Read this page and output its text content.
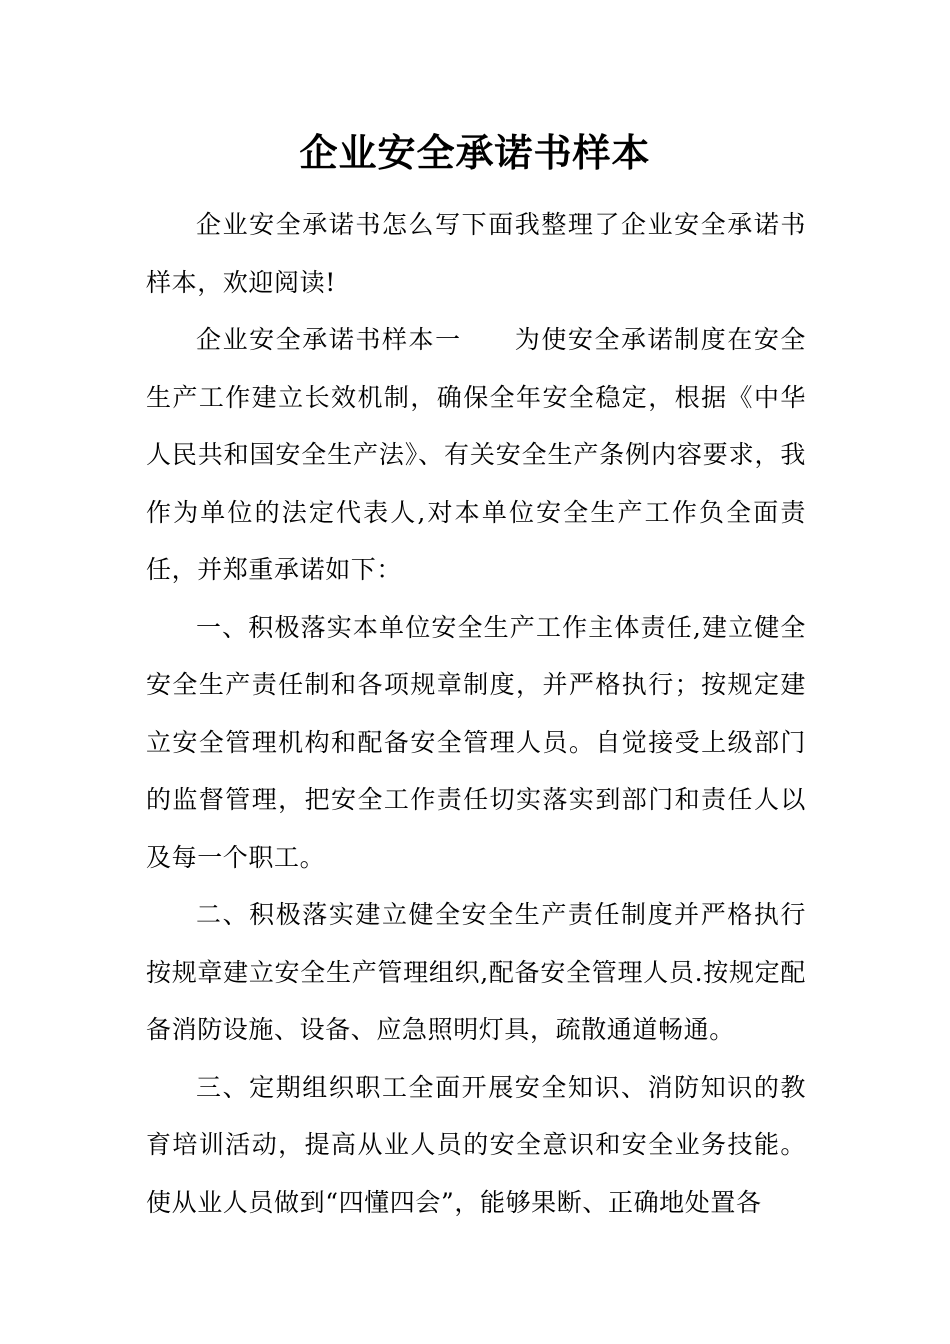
企业安全承诺书样本

企业安全承诺书怎么写下面我整理了企业安全承诺书样本，欢迎阅读!

企业安全承诺书样本一　　为使安全承诺制度在安全生产工作建立长效机制，确保全年安全稳定，根据《中华人民共和国安全生产法》、有关安全生产条例内容要求，我作为单位的法定代表人,对本单位安全生产工作负全面责任，并郑重承诺如下：

一、积极落实本单位安全生产工作主体责任,建立健全安全生产责任制和各项规章制度，并严格执行；按规定建立安全管理机构和配备安全管理人员。自觉接受上级部门的监督管理，把安全工作责任切实落实到部门和责任人以及每一个职工。

二、积极落实建立健全安全生产责任制度并严格执行按规章建立安全生产管理组织,配备安全管理人员.按规定配备消防设施、设备、应急照明灯具，疏散通道畅通。

三、定期组织职工全面开展安全知识、消防知识的教育培训活动，提高从业人员的安全意识和安全业务技能。使从业人员做到“四懂四会”，能够果断、正确地处置各
